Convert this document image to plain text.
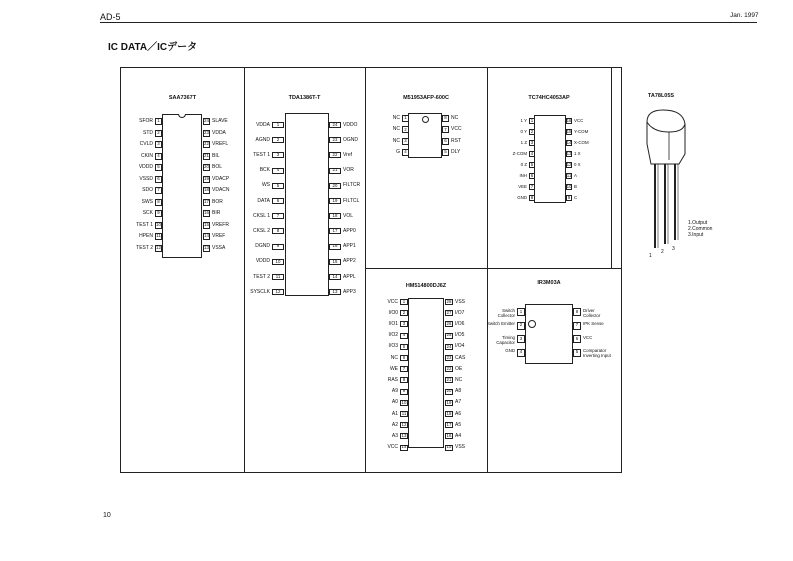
AD-5	Jan. 1997
IC DATA／ICデータ
10
SAA7367T
1
SFOR
2
STD
3
CVLD
4
CKIN
5
VDDD
6
VSSD
7
SDO
8
SWS
9
SCK
10
TEST 1
11
HPEN
12
TEST 2
24 SLAVE
23 VDDA
22 VREFL
21 BIL
20 BOL
19 VDACP
18 VDACN
17 BOR
16 BIR
15 VREFR
14 VREF
13 VSSA
TDA1386T-T
1
VDDA
2
AGND
3
TEST 1
4
BCK
5
WS
6
DATA
7
CKSL 1
8
CKSL 2
9
DGND
10
VDDD
11
TEST 2
12
SYSCLK
24	VDDO
23	OGND
22	Vref
21	VOR
20	FILTCR
19	FILTCL
18	VOL
17	APP0
16	APP1
15	APP2
14	APPL
13	APP3
M51953AFP-600C
1
NC
2
NC
3
NC
4
G
8 NC
7 VCC
6 RST
5 DLY
TC74HC4053AP
1
1 Y
2
0 Y
3
1 Z
4
Z-COM
5
0 Z
6
INH
7
VEE
8
GND
16 VCC
15 Y-COM
14 X-COM
13 1 X
12 0 X
11 A
10 B
9 C
TA78L05S
1
2 3
1.Output
2.Common
3.Input
HM514800DJ6Z
1
VCC
2
I/O0
3
I/O1
4
I/O2
5
I/O3
6
NC
7
WE
8
RAS
9
A9
10
A0
11
A1
12
A2
13
A3
14
VCC
28 VSS
27 I/O7
26 I/O6
25 I/O5
24 I/O4
23 CAS
22 OE
21 NC
20 A8
19 A7
18 A6
17 A5
16 A4
15 VSS
IR3M03A
1
Switch Collector
2
Switch Emitter
3
Timing Capacitor
4
GND
8	Driver Collector
7	IPK Sense
6	VCC
5	Comparator Inverting Input
